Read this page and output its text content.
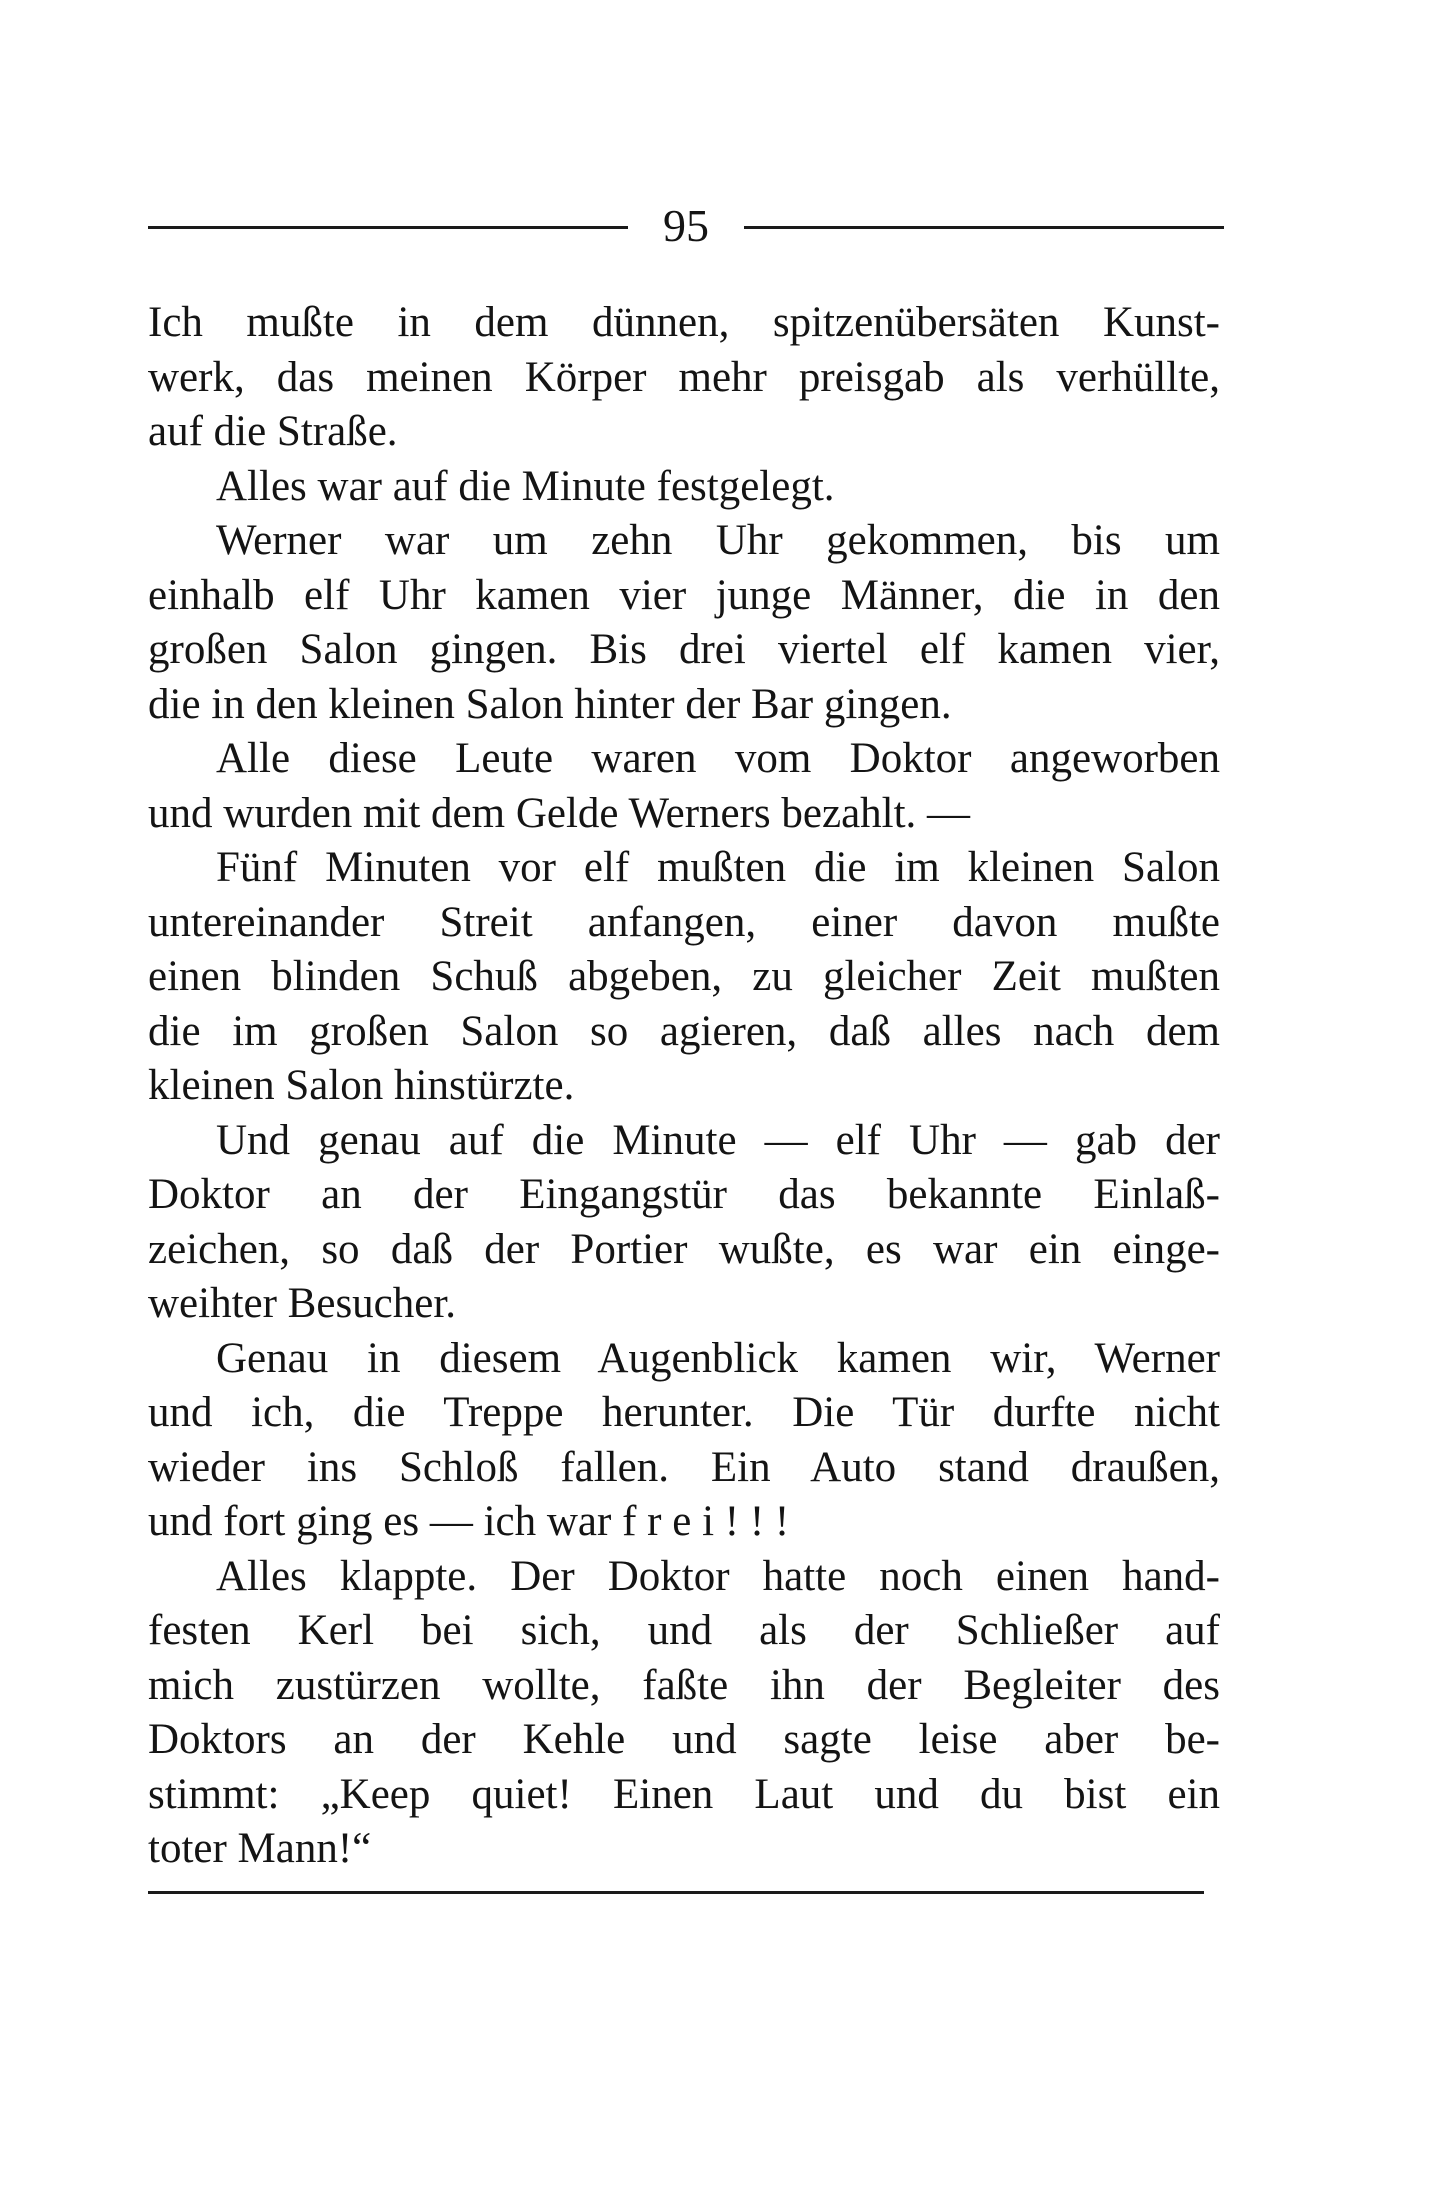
95

Ich mußte in dem dünnen, spitzenübersäten Kunst-
werk, das meinen Körper mehr preisgab als verhüllte,
auf die Straße.

Alles war auf die Minute festgelegt.

Werner war um zehn Uhr gekommen, bis um
einhalb elf Uhr kamen vier junge Männer, die in den
großen Salon gingen. Bis drei viertel elf kamen vier,
die in den kleinen Salon hinter der Bar gingen.

Alle diese Leute waren vom Doktor angeworben
und wurden mit dem Gelde Werners bezahlt. —

Fünf Minuten vor elf mußten die im kleinen Salon
untereinander Streit anfangen, einer davon mußte
einen blinden Schuß abgeben, zu gleicher Zeit mußten
die im großen Salon so agieren, daß alles nach dem
kleinen Salon hinstürzte.

Und genau auf die Minute — elf Uhr — gab der
Doktor an der Eingangstür das bekannte Einlaß-
zeichen, so daß der Portier wußte, es war ein einge-
weihter Besucher.

Genau in diesem Augenblick kamen wir, Werner
und ich, die Treppe herunter. Die Tür durfte nicht
wieder ins Schloß fallen. Ein Auto stand draußen,
und fort ging es — ich war f r e i ! ! !

Alles klappte. Der Doktor hatte noch einen hand-
festen Kerl bei sich, und als der Schließer auf
mich zustürzen wollte, faßte ihn der Begleiter des
Doktors an der Kehle und sagte leise aber be-
stimmt: „Keep quiet! Einen Laut und du bist ein
toter Mann!“
